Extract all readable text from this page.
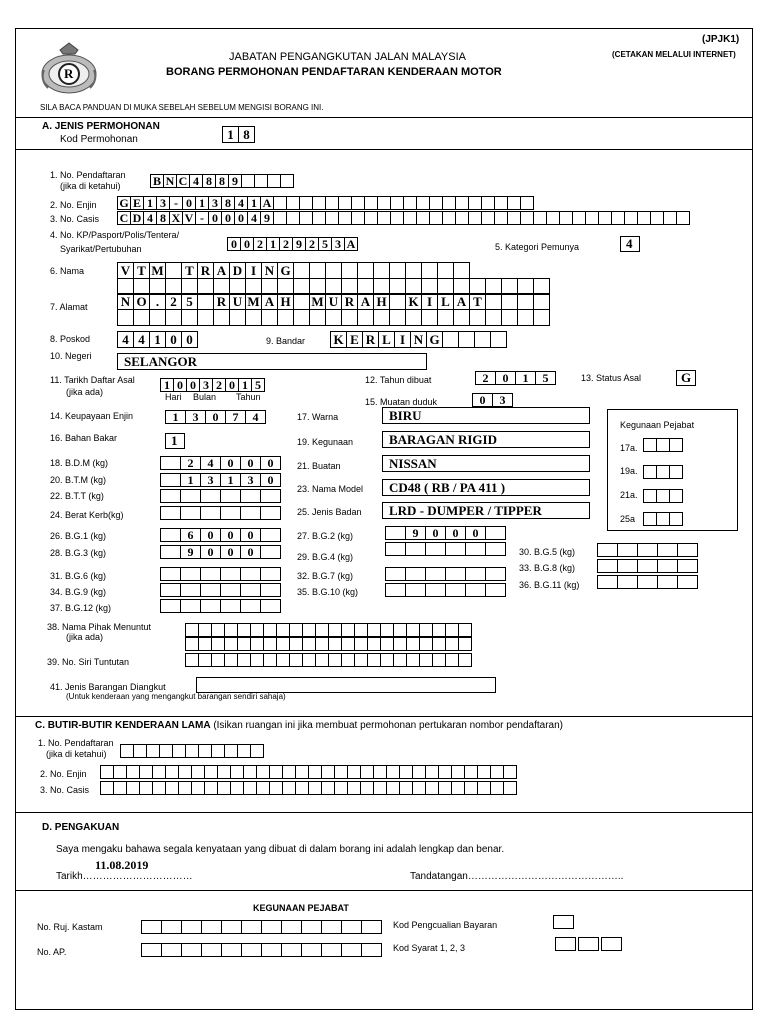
R
(JPJK1)
(CETAKAN MELALUI INTERNET)
JABATAN PENGANGKUTAN JALAN MALAYSIA
BORANG PERMOHONAN PENDAFTARAN KENDERAAN MOTOR
SILA BACA PANDUAN DI MUKA SEBELAH SEBELUM MENGISI BORANG INI.
A. JENIS PERMOHONAN
Kod Permohonan	1 8
1. No. Pendaftaran
(jika di ketahui)	B N C 4 8 8 9
2. No. Enjin G E 1 3 - 0 1 3 8 4 1 A
3. No. Casis C D 4 8 X V - 0 0 0 4 9
4. No. KP/Pasport/Polis/Tentera/
Syarikat/Pertubuhan	0 0 2 1 2 9 2 5 3 A	5. Kategori Pemunya	4
6. Nama	V T M	T R A D I N G
7. Alamat	N O . 2 5	R U M A H M U R A H K I L A T
8. Poskod	4 4 1 0 0	9. Bandar K E R L I N G
10. Negeri	SELANGOR
11. Tarikh Daftar Asal
(jika ada)
1 0 0 3 2 0 1 5
Hari Bulan Tahun
12. Tahun dibuat	2	0	1	5	13. Status Asal	G
15. Muatan duduk	0	3
14. Keupayaan Enjin	1	3	0	7	4	17. Warna	BIRU
16. Bahan Bakar	1	19. Kegunaan	BARAGAN RIGID
Kegunaan Pejabat
17a.
19a.
21a.
25a
18. B.D.M (kg)	2	4	0	0	0	21. Buatan	NISSAN
20. B.T.M (kg)	1	3	1	3	0
22. B.T.T (kg)
23. Nama Model	CD48 ( RB / PA 411 )
24. Berat Kerb(kg)	25. Jenis Badan	LRD - DUMPER / TIPPER
26. B.G.1 (kg)	6	0	0	0	27. B.G.2 (kg)	9	0	0	0
28. B.G.3 (kg)	9	0	0	0	29. B.G.4 (kg)	30. B.G.5 (kg)
33. B.G.8 (kg)
31. B.G.6 (kg)	32. B.G.7 (kg)
36. B.G.11 (kg)
34. B.G.9 (kg)	35. B.G.10 (kg)
37. B.G.12 (kg)
38. Nama Pihak Menuntut
(jika ada)
39. No. Siri Tuntutan
41. Jenis Barangan Diangkut
(Untuk kenderaan yang mengangkut barangan sendiri sahaja)
C. BUTIR-BUTIR KENDERAAN LAMA (Isikan ruangan ini jika membuat permohonan pertukaran nombor pendaftaran)
1. No. Pendaftaran
(jika di ketahui)
2. No. Enjin
3. No. Casis
D. PENGAKUAN
Saya mengaku bahawa segala kenyataan yang dibuat di dalam borang ini adalah lengkap dan benar.
11.08.2019
Tarikh……………………………	Tandatangan………………………………………..
KEGUNAAN PEJABAT
No. Ruj. Kastam
No. AP.
Kod Pengcualian Bayaran
Kod Syarat 1, 2, 3
